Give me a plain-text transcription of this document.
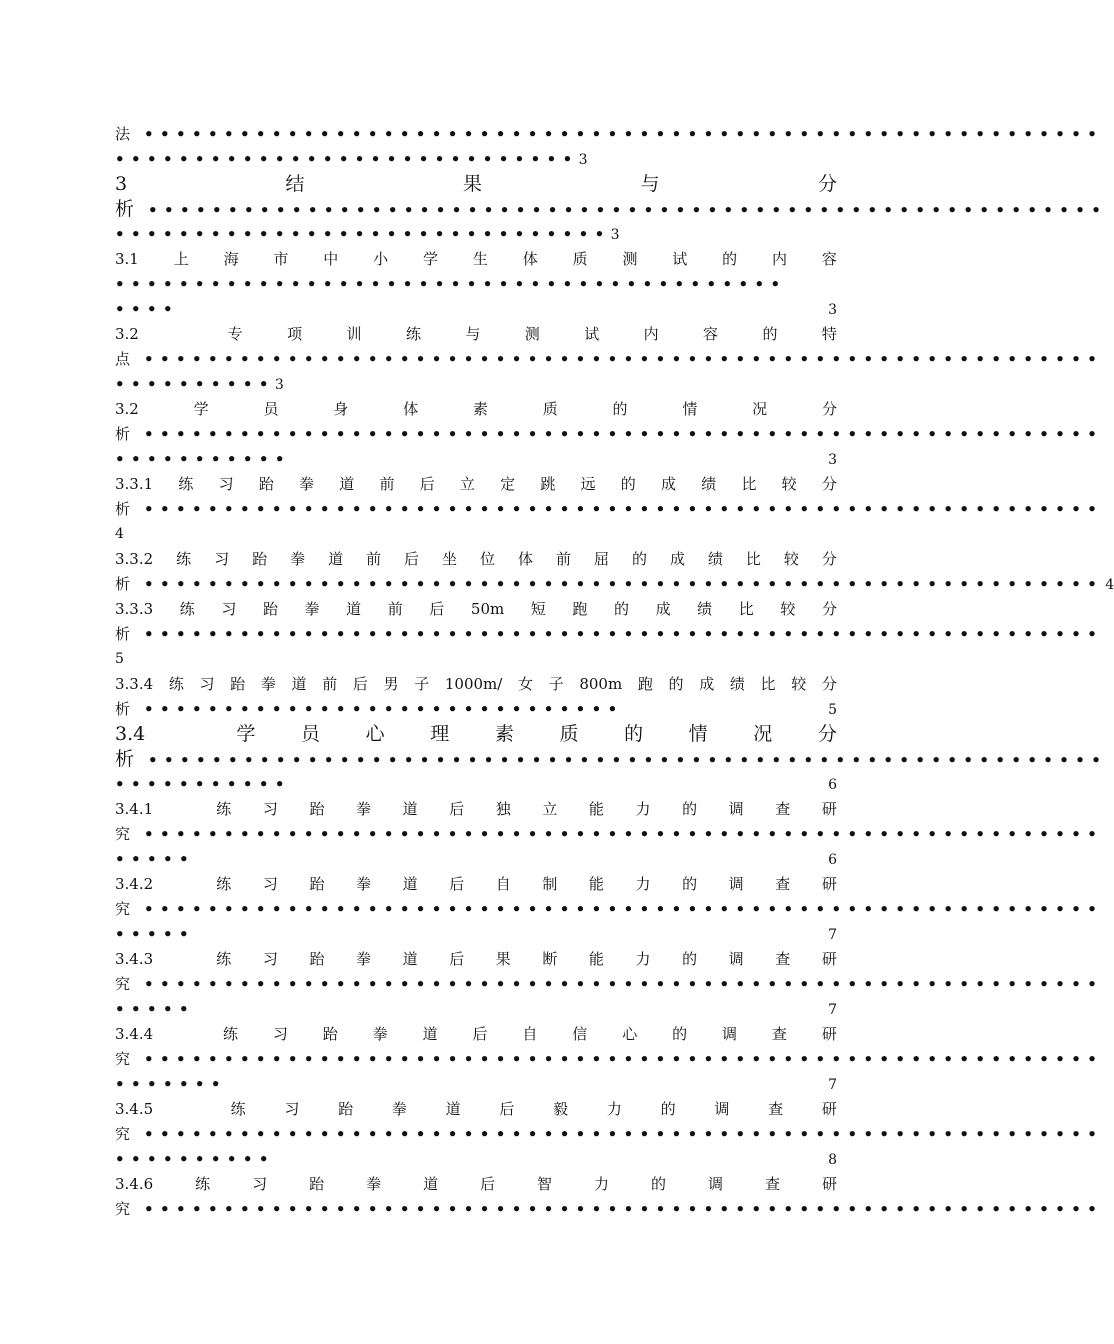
法 ••••••••••••••••••••••••••••••••••••••••••••••••••••••••••••
••••••••••••••••••••••••••••• 3
3	结	果	与	分
析 ••••••••••••••••••••••••••••••••••••••••••••••••••••••••••••
••••••••••••••••••••••••••••••• 3
3.1 上 海 市 中 小 学 生 体 质 测 试 的 内 容
••••••••••••••••••••••••••••••••••••••••••
••••	3
3.2	专	项	训	练	与	测	试	内	容	的	特
点 ••••••••••••••••••••••••••••••••••••••••••••••••••••••••••••
•••••••••• 3
3.2	学	员	身	体	素	质	的	情	况	分
析 ••••••••••••••••••••••••••••••••••••••••••••••••••••••••••••
•••••••••••	3
3.3.1 练 习 跆 拳 道 前 后 立 定 跳 远 的 成 绩 比 较 分
析 ••••••••••••••••••••••••••••••••••••••••••••••••••••••••••••
4
3.3.2 练 习 跆 拳 道 前 后 坐 位 体 前 屈 的 成 绩 比 较 分
析 •••••••••••••••••••••••••••••••••••••••••••••••••••••••••••• 4
3.3.3 练 习 跆 拳 道 前 后 50m 短 跑 的 成 绩 比 较 分
析 ••••••••••••••••••••••••••••••••••••••••••••••••••••••••••••
5
3.3.4 练 习 跆 拳 道 前 后 男 子 1000m/ 女 子 800m 跑 的 成 绩 比 较 分
析 ••••••••••••••••••••••••••••••	5
3.4	学 员 心 理 素 质 的 情 况 分
析 ••••••••••••••••••••••••••••••••••••••••••••••••••••••••••••
•••••••••••	6
3.4.1	练 习 跆 拳 道 后 独 立 能 力 的 调 查 研
究 ••••••••••••••••••••••••••••••••••••••••••••••••••••••••••••
•••••	6
3.4.2	练 习 跆 拳 道 后 自 制 能 力 的 调 查 研
究 ••••••••••••••••••••••••••••••••••••••••••••••••••••••••••••
•••••	7
3.4.3	练 习 跆 拳 道 后 果 断 能 力 的 调 查 研
究 ••••••••••••••••••••••••••••••••••••••••••••••••••••••••••••
•••••	7
3.4.4	练 习 跆 拳 道 后 自 信 心 的 调 查 研
究 ••••••••••••••••••••••••••••••••••••••••••••••••••••••••••••
•••••••	7
3.4.5	练	习	跆	拳	道	后	毅	力	的	调	查	研
究 ••••••••••••••••••••••••••••••••••••••••••••••••••••••••••••
••••••••••	8
3.4.6	练	习	跆	拳	道	后	智	力	的	调	查	研
究 ••••••••••••••••••••••••••••••••••••••••••••••••••••••••••••
